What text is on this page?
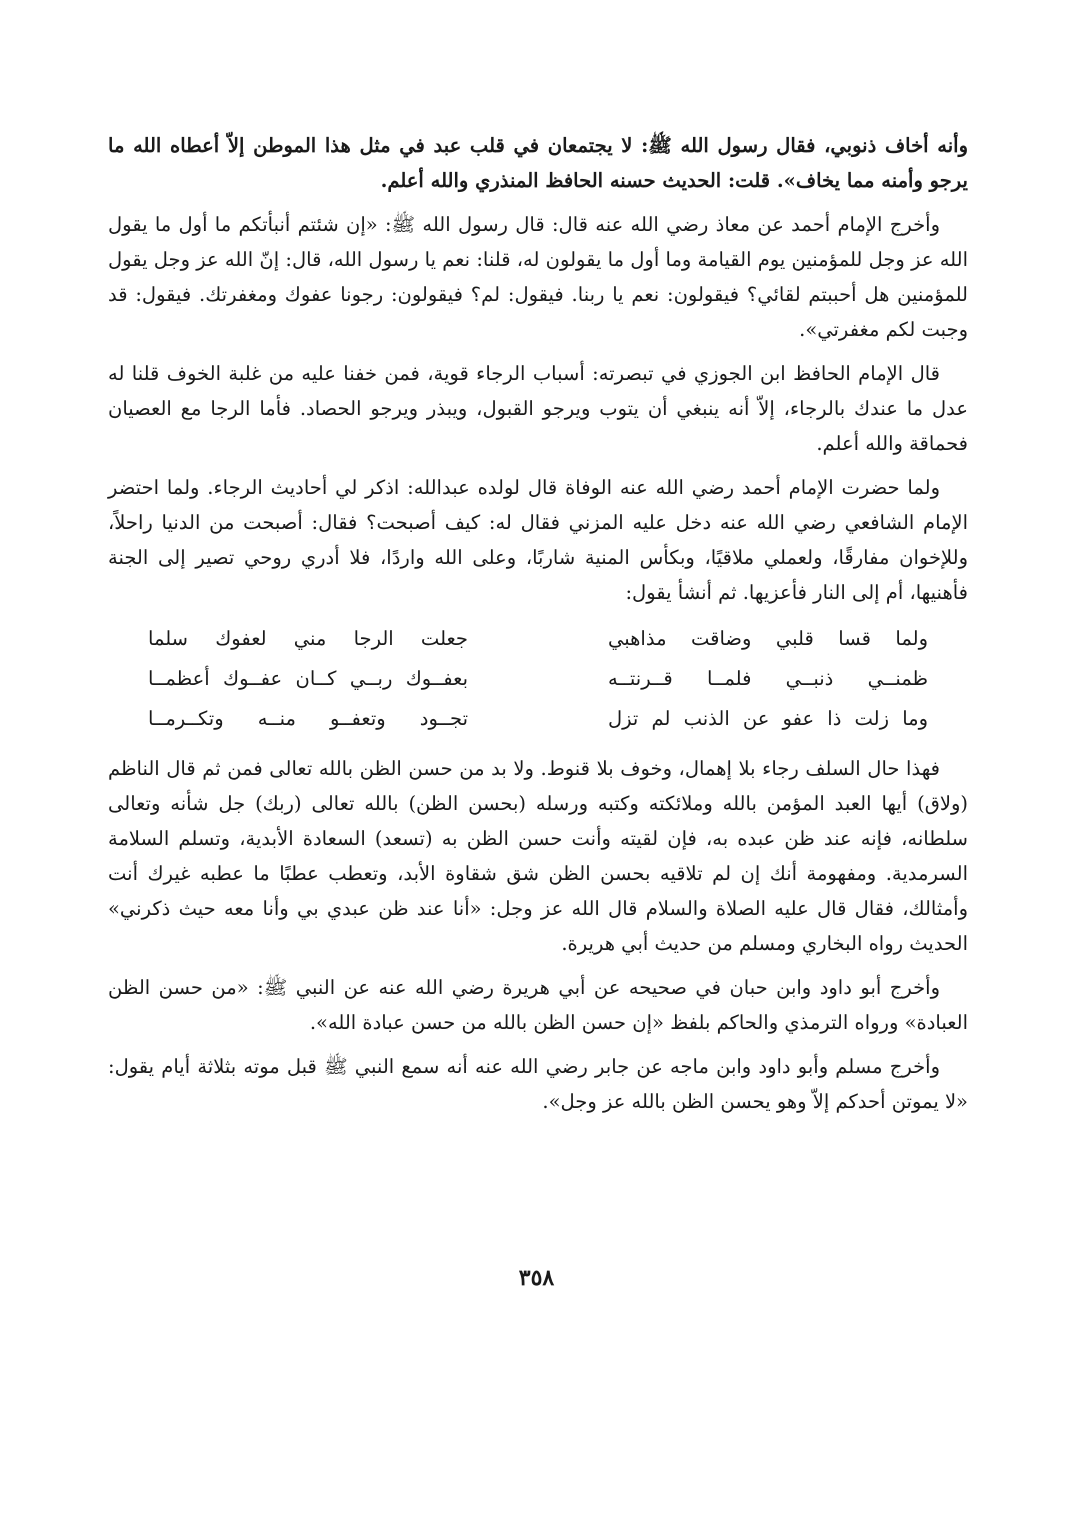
وأنه أخاف ذنوبي، فقال رسول الله ﷺ: لا يجتمعان في قلب عبد في مثل هذا الموطن إلاّ أعطاه الله ما يرجو وأمنه مما يخاف». قلت: الحديث حسنه الحافظ المنذري والله أعلم.

وأخرج الإمام أحمد عن معاذ رضي الله عنه قال: قال رسول الله ﷺ: «إن شئتم أنبأتكم ما أول ما يقول الله عز وجل للمؤمنين يوم القيامة وما أول ما يقولون له، قلنا: نعم يا رسول الله، قال: إنّ الله عز وجل يقول للمؤمنين هل أحببتم لقائي؟ فيقولون: نعم يا ربنا. فيقول: لم؟ فيقولون: رجونا عفوك ومغفرتك. فيقول: قد وجبت لكم مغفرتي».

قال الإمام الحافظ ابن الجوزي في تبصرته: أسباب الرجاء قوية، فمن خفنا عليه من غلبة الخوف قلنا له عدل ما عندك بالرجاء، إلاّ أنه ينبغي أن يتوب ويرجو القبول، ويبذر ويرجو الحصاد. فأما الرجا مع العصيان فحماقة والله أعلم.

ولما حضرت الإمام أحمد رضي الله عنه الوفاة قال لولده عبدالله: اذكر لي أحاديث الرجاء. ولما احتضر الإمام الشافعي رضي الله عنه دخل عليه المزني فقال له: كيف أصبحت؟ فقال: أصبحت من الدنيا راحلاً، وللإخوان مفارقًا، ولعملي ملاقيًا، وبكأس المنية شاربًا، وعلى الله واردًا، فلا أدري روحي تصير إلى الجنة فأهنيها، أم إلى النار فأعزيها. ثم أنشأ يقول:

ولما قسا قلبي وضاقت مذاهبي
جعلت الرجا مني لعفوك سلما
ظمنــي ذنبــي فلمــا قــرنتــه
بعفــوك ربــي كــان عفــوك أعظمــا
وما زلت ذا عفو عن الذنب لم تزل
تجــود وتعفــو منــه وتكــرمــا

فهذا حال السلف رجاء بلا إهمال، وخوف بلا قنوط. ولا بد من حسن الظن بالله تعالى فمن ثم قال الناظم (ولاق) أيها العبد المؤمن بالله وملائكته وكتبه ورسله (بحسن الظن) بالله تعالى (ربك) جل شأنه وتعالى سلطانه، فإنه عند ظن عبده به، فإن لقيته وأنت حسن الظن به (تسعد) السعادة الأبدية، وتسلم السلامة السرمدية. ومفهومة أنك إن لم تلاقيه بحسن الظن شق شقاوة الأبد، وتعطب عطبًا ما عطبه غيرك أنت وأمثالك، فقال قال عليه الصلاة والسلام قال الله عز وجل: «أنا عند ظن عبدي بي وأنا معه حيث ذكرني» الحديث رواه البخاري ومسلم من حديث أبي هريرة.

وأخرج أبو داود وابن حبان في صحيحه عن أبي هريرة رضي الله عنه عن النبي ﷺ: «من حسن الظن العبادة» ورواه الترمذي والحاكم بلفظ «إن حسن الظن بالله من حسن عبادة الله».

وأخرج مسلم وأبو داود وابن ماجه عن جابر رضي الله عنه أنه سمع النبي ﷺ قبل موته بثلاثة أيام يقول: «لا يموتن أحدكم إلاّ وهو يحسن الظن بالله عز وجل».

٣٥٨
